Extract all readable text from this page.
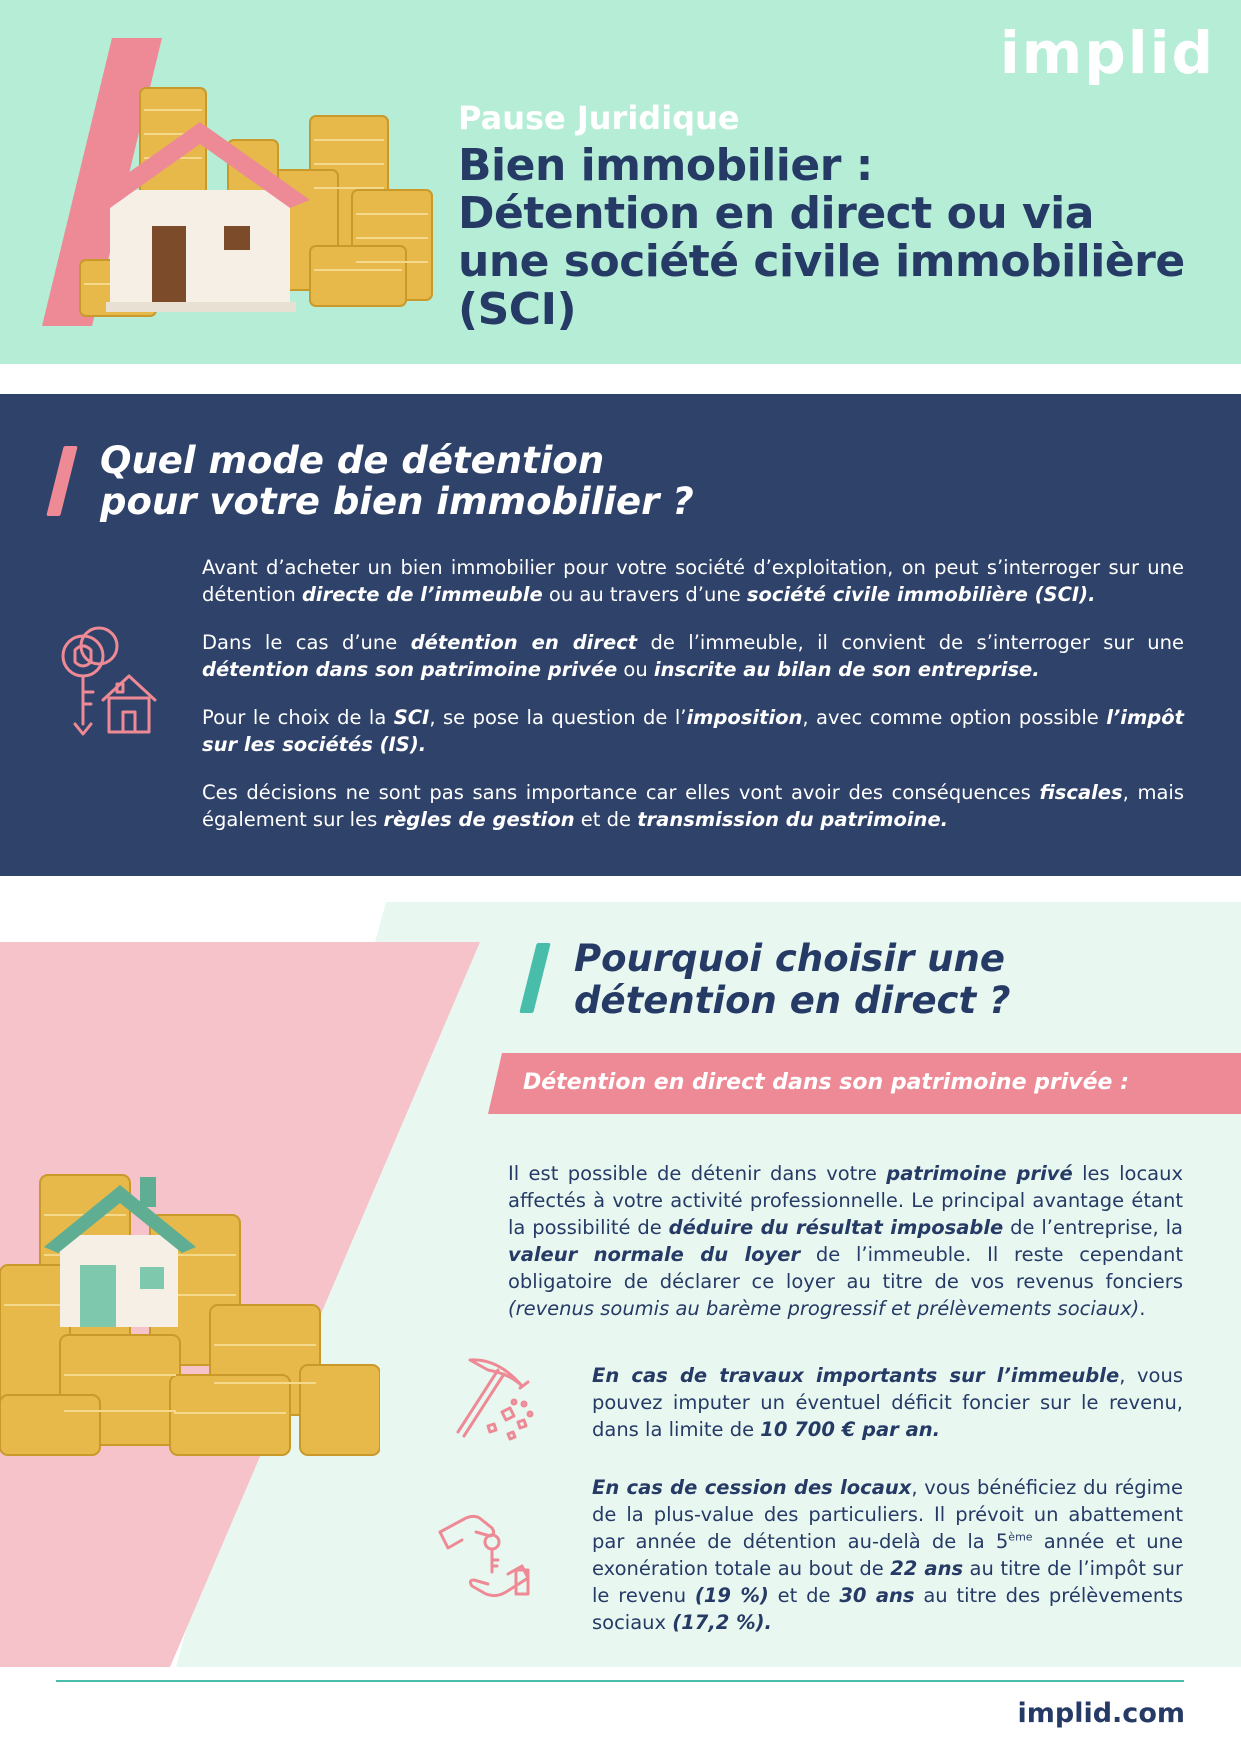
implid
Pause Juridique
Bien immobilier :
Détention en direct ou via
une société civile immobilière
(SCI)
Quel mode de détention
pour votre bien immobilier ?

Avant d’acheter un bien immobilier pour votre société d’exploitation, on peut s’interroger sur une détention directe de l’immeuble ou au travers d’une société civile immobilière (SCI).

Dans le cas d’une détention en direct de l’immeuble, il convient de s’interroger sur une détention dans son patrimoine privée ou inscrite au bilan de son entreprise.

Pour le choix de la SCI, se pose la question de l’imposition, avec comme option possible l’impôt sur les sociétés (IS).

Ces décisions ne sont pas sans importance car elles vont avoir des conséquences fiscales, mais également sur les règles de gestion et de transmission du patrimoine.

Pourquoi choisir une
détention en direct ?
Détention en direct dans son patrimoine privée :

Il est possible de détenir dans votre patrimoine privé les locaux affectés à votre activité professionnelle. Le principal avantage étant la possibilité de déduire du résultat imposable de l’entreprise, la valeur normale du loyer de l’immeuble. Il reste cependant obligatoire de déclarer ce loyer au titre de vos revenus fonciers (revenus soumis au barème progressif et prélèvements sociaux).

En cas de travaux importants sur l’immeuble, vous pouvez imputer un éventuel déficit foncier sur le revenu, dans la limite de 10 700 € par an.

En cas de cession des locaux, vous bénéficiez du régime de la plus-value des particuliers. Il prévoit un abattement par année de détention au-delà de la 5ème année et une exonération totale au bout de 22 ans au titre de l’impôt sur le revenu (19 %) et de 30 ans au titre des prélèvements sociaux (17,2 %).

implid.com
